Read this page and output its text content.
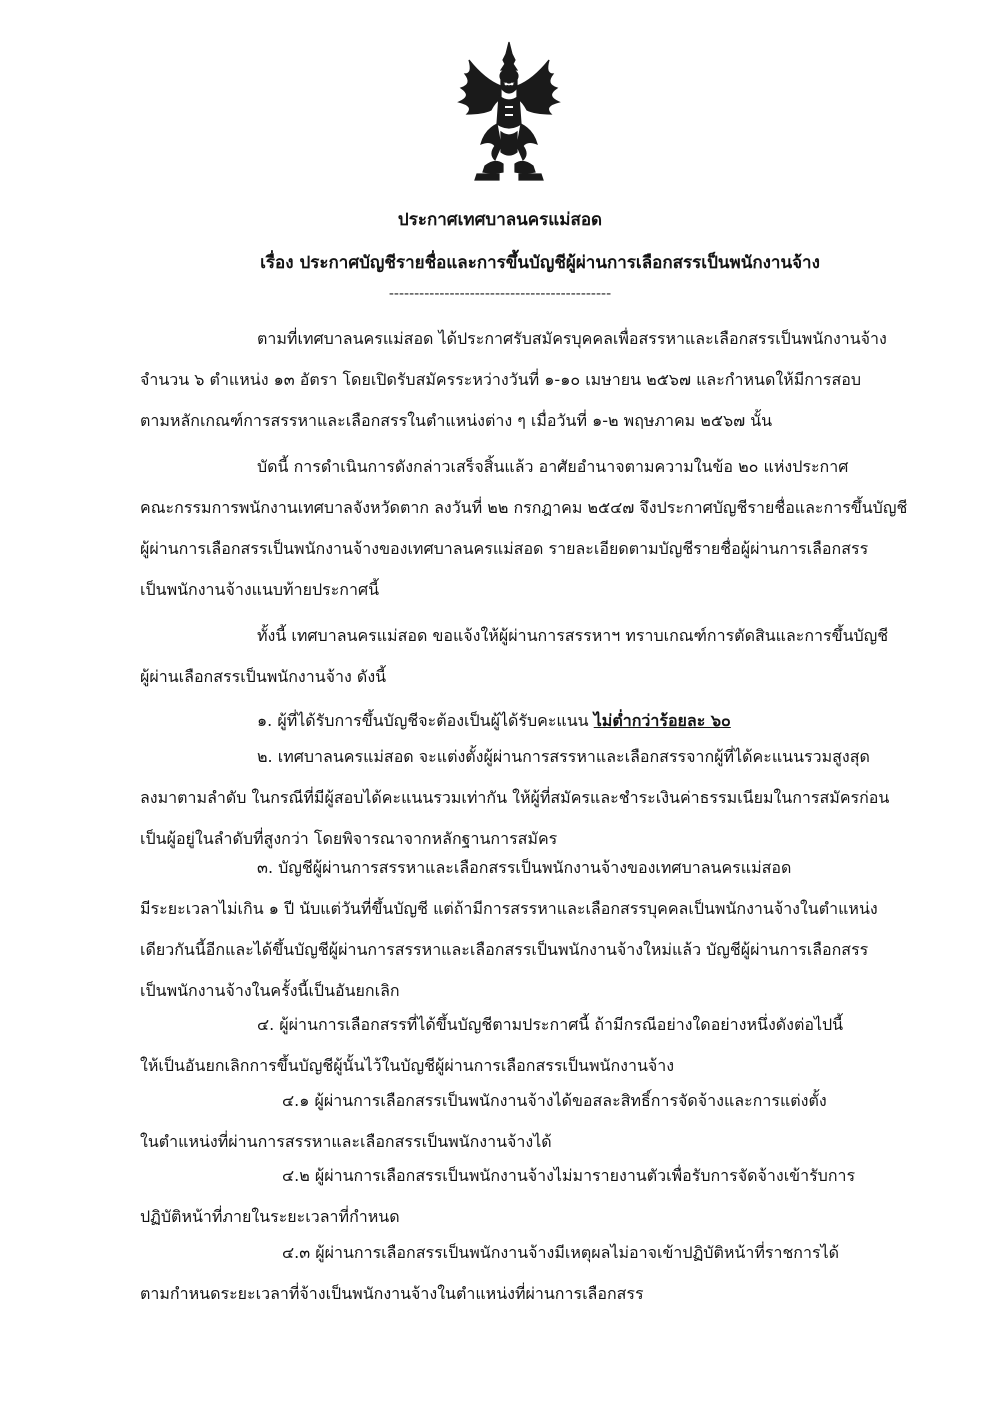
ประกาศเทศบาลนครแม่สอด
เรื่อง ประกาศบัญชีรายชื่อและการขึ้นบัญชีผู้ผ่านการเลือกสรรเป็นพนักงานจ้าง
--------------------------------------------
ตามที่เทศบาลนครแม่สอด ได้ประกาศรับสมัครบุคคลเพื่อสรรหาและเลือกสรรเป็นพนักงานจ้าง
จำนวน ๖ ตำแหน่ง ๑๓ อัตรา โดยเปิดรับสมัครระหว่างวันที่ ๑-๑๐ เมษายน ๒๕๖๗ และกำหนดให้มีการสอบ
ตามหลักเกณฑ์การสรรหาและเลือกสรรในตำแหน่งต่าง ๆ เมื่อวันที่ ๑-๒ พฤษภาคม ๒๕๖๗ นั้น
บัดนี้ การดำเนินการดังกล่าวเสร็จสิ้นแล้ว อาศัยอำนาจตามความในข้อ ๒๐ แห่งประกาศ
คณะกรรมการพนักงานเทศบาลจังหวัดตาก ลงวันที่ ๒๒ กรกฎาคม ๒๕๔๗ จึงประกาศบัญชีรายชื่อและการขึ้นบัญชี
ผู้ผ่านการเลือกสรรเป็นพนักงานจ้างของเทศบาลนครแม่สอด รายละเอียดตามบัญชีรายชื่อผู้ผ่านการเลือกสรร
เป็นพนักงานจ้างแนบท้ายประกาศนี้
ทั้งนี้ เทศบาลนครแม่สอด ขอแจ้งให้ผู้ผ่านการสรรหาฯ ทราบเกณฑ์การตัดสินและการขึ้นบัญชี
ผู้ผ่านเลือกสรรเป็นพนักงานจ้าง ดังนี้
๑. ผู้ที่ได้รับการขึ้นบัญชีจะต้องเป็นผู้ได้รับคะแนน ไม่ต่ำกว่าร้อยละ ๖๐
๒. เทศบาลนครแม่สอด จะแต่งตั้งผู้ผ่านการสรรหาและเลือกสรรจากผู้ที่ได้คะแนนรวมสูงสุด
ลงมาตามลำดับ ในกรณีที่มีผู้สอบได้คะแนนรวมเท่ากัน ให้ผู้ที่สมัครและชำระเงินค่าธรรมเนียมในการสมัครก่อน
เป็นผู้อยู่ในลำดับที่สูงกว่า โดยพิจารณาจากหลักฐานการสมัคร
๓. บัญชีผู้ผ่านการสรรหาและเลือกสรรเป็นพนักงานจ้างของเทศบาลนครแม่สอด
มีระยะเวลาไม่เกิน ๑ ปี นับแต่วันที่ขึ้นบัญชี แต่ถ้ามีการสรรหาและเลือกสรรบุคคลเป็นพนักงานจ้างในตำแหน่ง
เดียวกันนี้อีกและได้ขึ้นบัญชีผู้ผ่านการสรรหาและเลือกสรรเป็นพนักงานจ้างใหม่แล้ว บัญชีผู้ผ่านการเลือกสรร
เป็นพนักงานจ้างในครั้งนี้เป็นอันยกเลิก
๔. ผู้ผ่านการเลือกสรรที่ได้ขึ้นบัญชีตามประกาศนี้ ถ้ามีกรณีอย่างใดอย่างหนึ่งดังต่อไปนี้
ให้เป็นอันยกเลิกการขึ้นบัญชีผู้นั้นไว้ในบัญชีผู้ผ่านการเลือกสรรเป็นพนักงานจ้าง
๔.๑ ผู้ผ่านการเลือกสรรเป็นพนักงานจ้างได้ขอสละสิทธิ์การจัดจ้างและการแต่งตั้ง
ในตำแหน่งที่ผ่านการสรรหาและเลือกสรรเป็นพนักงานจ้างได้
๔.๒ ผู้ผ่านการเลือกสรรเป็นพนักงานจ้างไม่มารายงานตัวเพื่อรับการจัดจ้างเข้ารับการ
ปฏิบัติหน้าที่ภายในระยะเวลาที่กำหนด
๔.๓ ผู้ผ่านการเลือกสรรเป็นพนักงานจ้างมีเหตุผลไม่อาจเข้าปฏิบัติหน้าที่ราชการได้
ตามกำหนดระยะเวลาที่จ้างเป็นพนักงานจ้างในตำแหน่งที่ผ่านการเลือกสรร
